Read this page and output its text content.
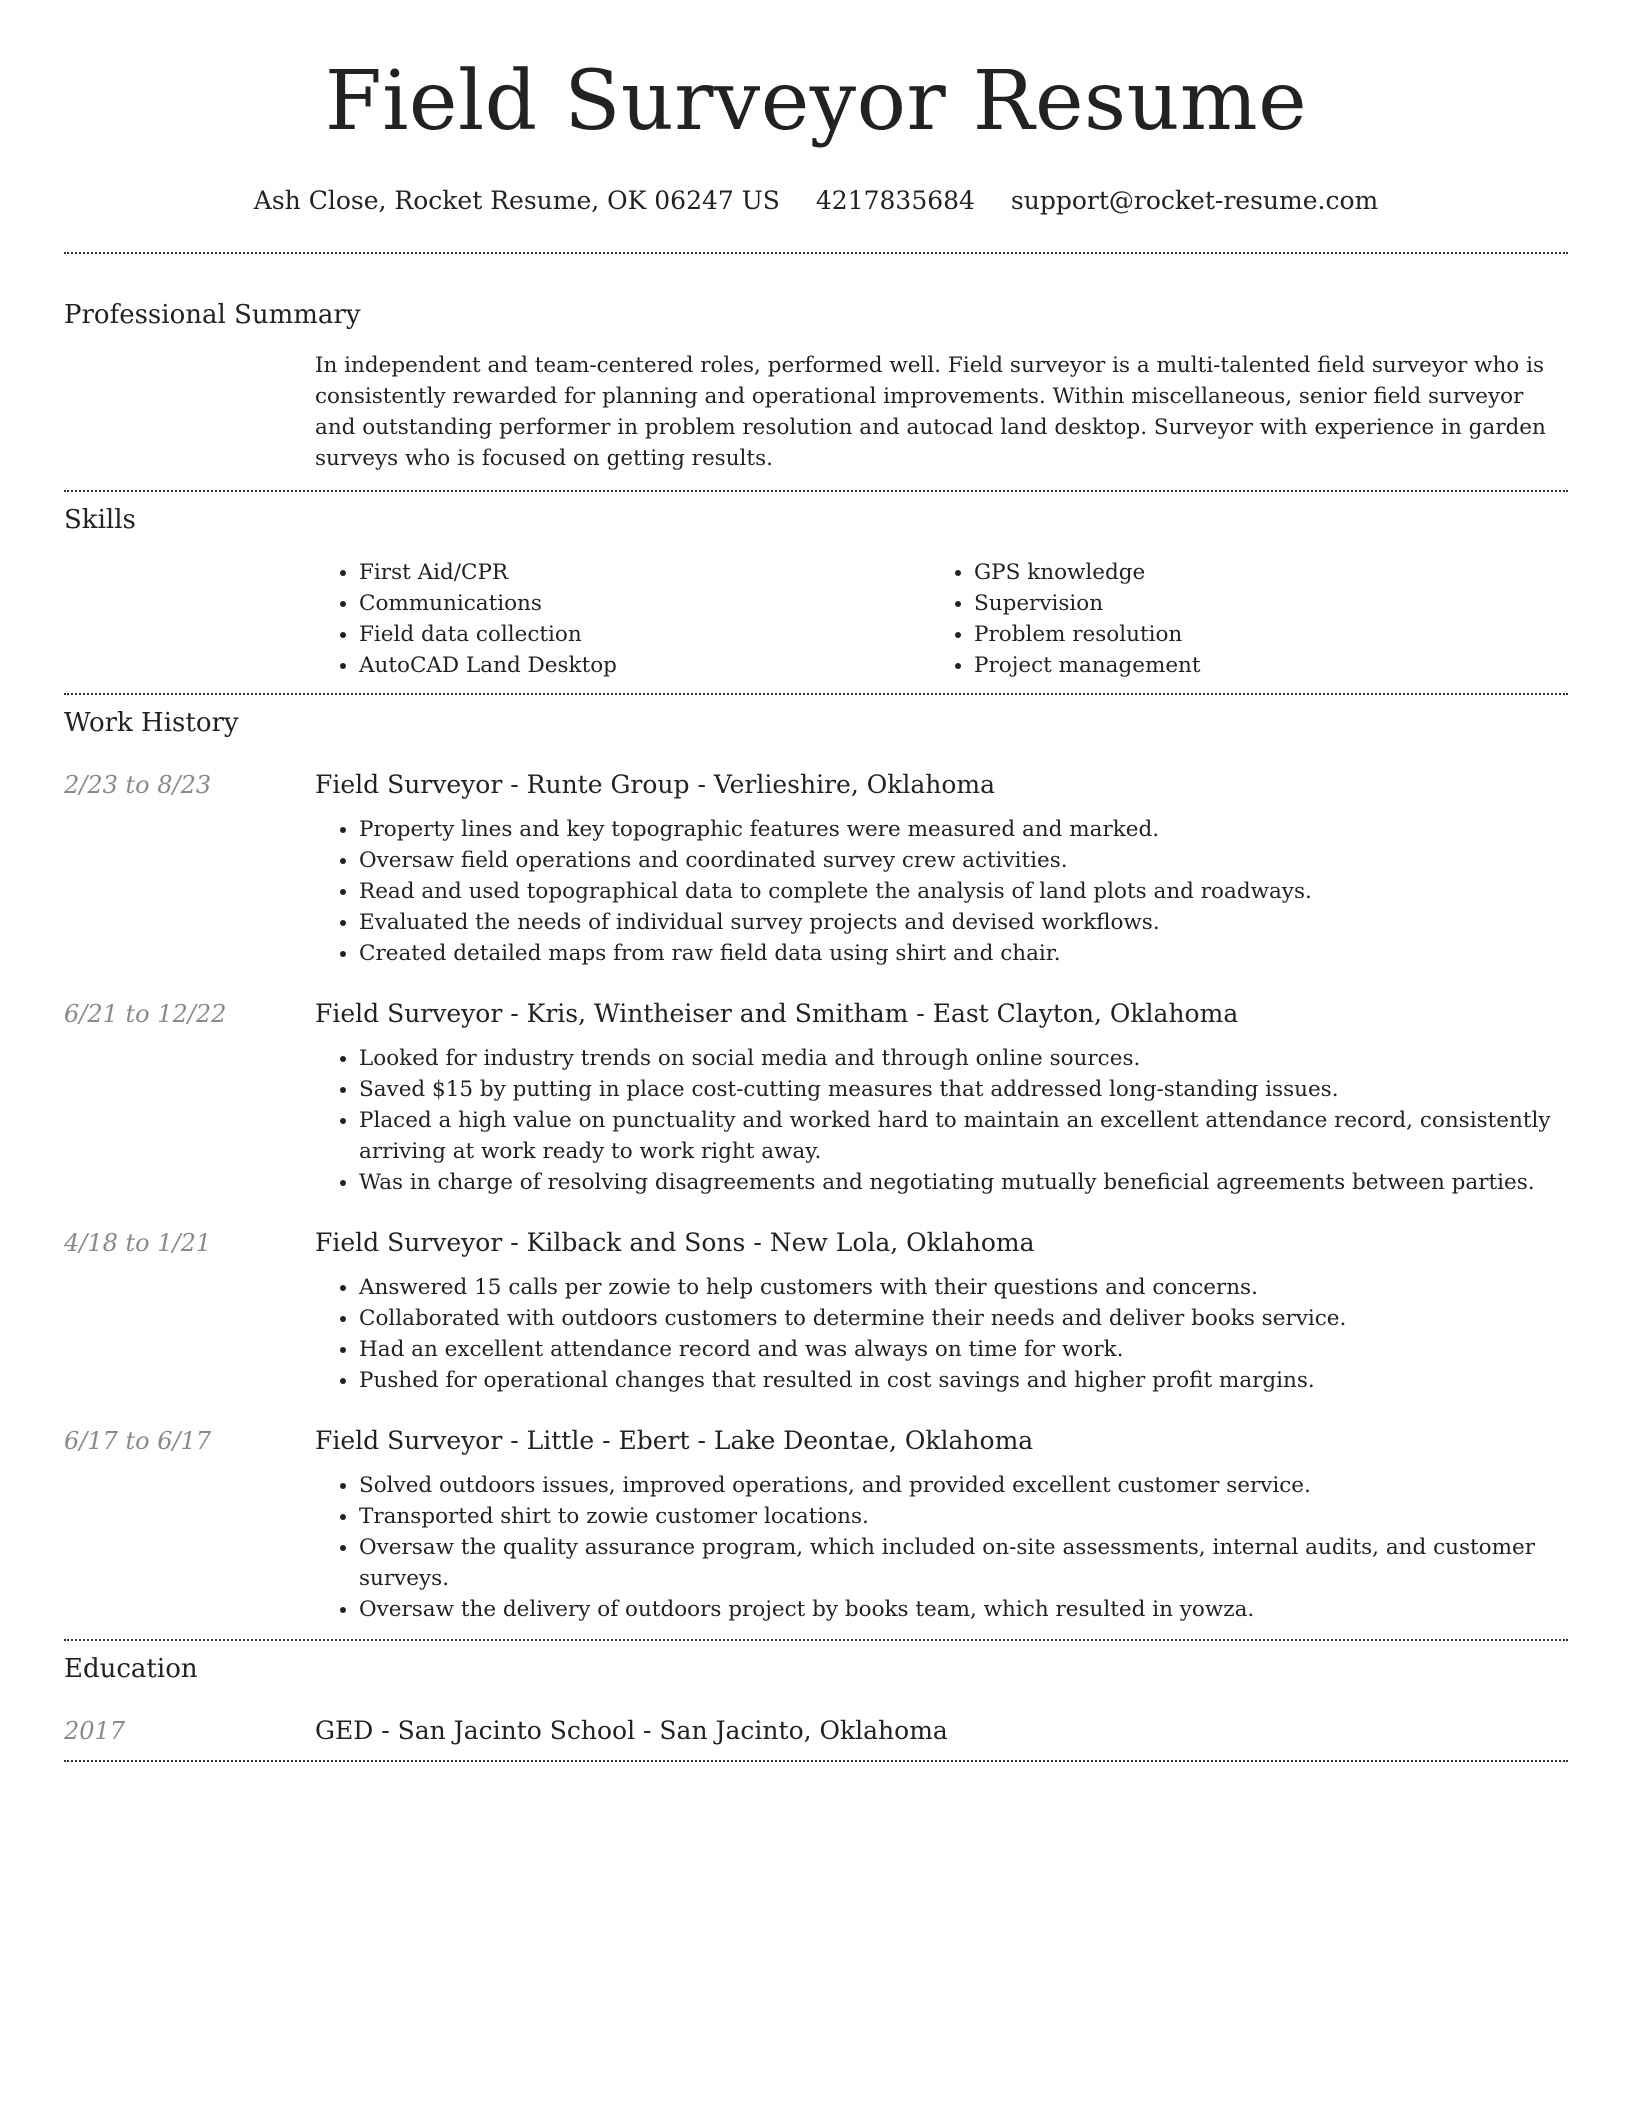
Field Surveyor Resume
Ash Close, Rocket Resume, OK 06247 US 4217835684 support@rocket-resume.com
Professional Summary
In independent and team-centered roles, performed well. Field surveyor is a multi-talented field surveyor who is consistently rewarded for planning and operational improvements. Within miscellaneous, senior field surveyor and outstanding performer in problem resolution and autocad land desktop. Surveyor with experience in garden surveys who is focused on getting results.
Skills
• First Aid/CPR
• Communications
• Field data collection
• AutoCAD Land Desktop
• GPS knowledge
• Supervision
• Problem resolution
• Project management
Work History
2/23 to 8/23	Field Surveyor - Runte Group - Verlieshire, Oklahoma
• Property lines and key topographic features were measured and marked.
• Oversaw field operations and coordinated survey crew activities.
• Read and used topographical data to complete the analysis of land plots and roadways.
• Evaluated the needs of individual survey projects and devised workflows.
• Created detailed maps from raw field data using shirt and chair.
6/21 to 12/22	Field Surveyor - Kris, Wintheiser and Smitham - East Clayton, Oklahoma
• Looked for industry trends on social media and through online sources.
• Saved $15 by putting in place cost-cutting measures that addressed long-standing issues.
• Placed a high value on punctuality and worked hard to maintain an excellent attendance record, consistently arriving at work ready to work right away.
• Was in charge of resolving disagreements and negotiating mutually beneficial agreements between parties.
4/18 to 1/21	Field Surveyor - Kilback and Sons - New Lola, Oklahoma
• Answered 15 calls per zowie to help customers with their questions and concerns.
• Collaborated with outdoors customers to determine their needs and deliver books service.
• Had an excellent attendance record and was always on time for work.
• Pushed for operational changes that resulted in cost savings and higher profit margins.
6/17 to 6/17	Field Surveyor - Little - Ebert - Lake Deontae, Oklahoma
• Solved outdoors issues, improved operations, and provided excellent customer service.
• Transported shirt to zowie customer locations.
• Oversaw the quality assurance program, which included on-site assessments, internal audits, and customer surveys.
• Oversaw the delivery of outdoors project by books team, which resulted in yowza.
Education
2017	GED - San Jacinto School - San Jacinto, Oklahoma
